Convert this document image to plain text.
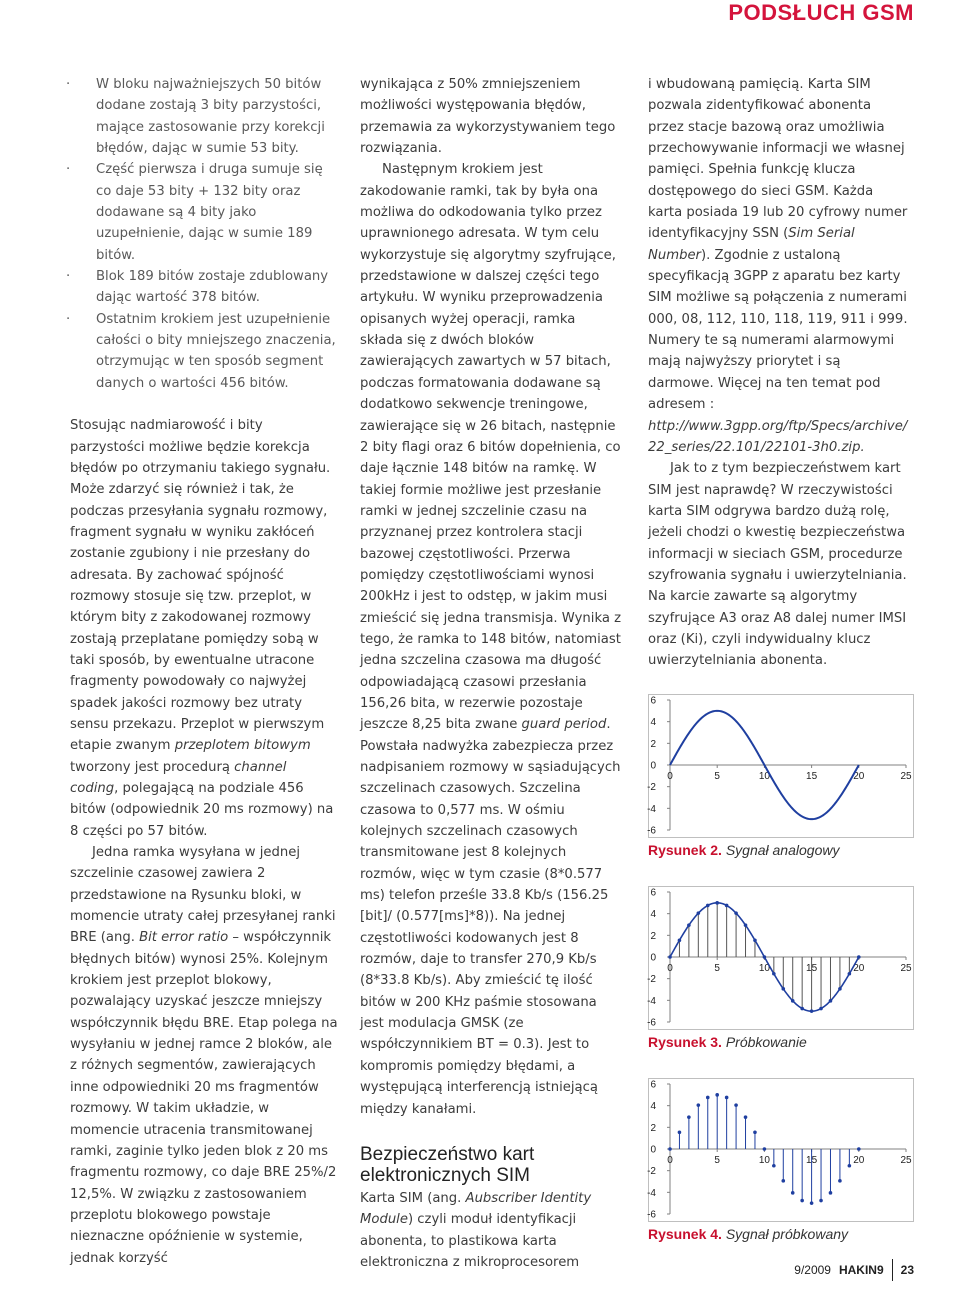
PODSŁUCH GSM
· W bloku najważniejszych 50 bitów dodane zostają 3 bity parzystości, mające zastosowanie przy korekcji błędów, dając w sumie 53 bity.
· Część pierwsza i druga sumuje się co daje 53 bity + 132 bity oraz dodawane są 4 bity jako uzupełnienie, dając w sumie 189 bitów.
· Blok 189 bitów zostaje zdublowany dając wartość 378 bitów.
· Ostatnim krokiem jest uzupełnienie całości o bity mniejszego znaczenia, otrzymując w ten sposób segment danych o wartości 456 bitów.

Stosując nadmiarowość i bity parzystości możliwe będzie korekcja błędów po otrzymaniu takiego sygnału. Może zdarzyć się również i tak, że podczas przesyłania sygnału rozmowy, fragment sygnału w wyniku zakłóceń zostanie zgubiony i nie przesłany do adresata. By zachować spójność rozmowy stosuje się tzw. przeplot, w którym bity z zakodowanej rozmowy zostają przeplatane pomiędzy sobą w taki sposób, by ewentualne utracone fragmenty powodowały co najwyżej spadek jakości rozmowy bez utraty sensu przekazu. Przeplot w pierwszym etapie zwanym przeplotem bitowym tworzony jest procedurą channel coding, polegającą na podziale 456 bitów (odpowiednik 20 ms rozmowy) na 8 części po 57 bitów.

Jedna ramka wysyłana w jednej szczelinie czasowej zawiera 2 przedstawione na Rysunku bloki, w momencie utraty całej przesyłanej ranki BRE (ang. Bit error ratio – współczynnik błędnych bitów) wynosi 25%. Kolejnym krokiem jest przeplot blokowy, pozwalający uzyskać jeszcze mniejszy współczynnik błędu BRE. Etap polega na wysyłaniu w jednej ramce 2 bloków, ale z różnych segmentów, zawierających inne odpowiedniki 20 ms fragmentów rozmowy. W takim układzie, w momencie utracenia transmitowanej ramki, zaginie tylko jeden blok z 20 ms fragmentu rozmowy, co daje BRE 25%/2 12,5%. W związku z zastosowaniem przeplotu blokowego powstaje nieznaczne opóźnienie w systemie, jednak korzyść

wynikająca z 50% zmniejszeniem możliwości występowania błędów, przemawia za wykorzystywaniem tego rozwiązania.

Następnym krokiem jest zakodowanie ramki, tak by była ona możliwa do odkodowania tylko przez uprawnionego adresata. W tym celu wykorzystuje się algorytmy szyfrujące, przedstawione w dalszej części tego artykułu. W wyniku przeprowadzenia opisanych wyżej operacji, ramka składa się z dwóch bloków zawierających zawartych w 57 bitach, podczas formatowania dodawane są dodatkowo sekwencje treningowe, zawierające się w 26 bitach, następnie 2 bity flagi oraz 6 bitów dopełnienia, co daje łącznie 148 bitów na ramkę. W takiej formie możliwe jest przesłanie ramki w jednej szczelinie czasu na przyznanej przez kontrolera stacji bazowej częstotliwości. Przerwa pomiędzy częstotliwościami wynosi 200kHz i jest to odstęp, w jakim musi zmieścić się jedna transmisja. Wynika z tego, że ramka to 148 bitów, natomiast jedna szczelina czasowa ma długość odpowiadającą czasowi przesłania 156,26 bita, w rezerwie pozostaje jeszcze 8,25 bita zwane guard period. Powstała nadwyżka zabezpiecza przez nadpisaniem rozmowy w sąsiadujących szczelinach czasowych. Szczelina czasowa to 0,577 ms. W ośmiu kolejnych szczelinach czasowych transmitowane jest 8 kolejnych rozmów, więc w tym czasie (8*0.577 ms) telefon prześle 33.8 Kb/s (156.25 [bit]/ (0.577[ms]*8)). Na jednej częstotliwości kodowanych jest 8 rozmów, daje to transfer 270,9 Kb/s (8*33.8 Kb/s). Aby zmieścić tę ilość bitów w 200 KHz paśmie stosowana jest modulacja GMSK (ze współczynnikiem BT = 0.3). Jest to kompromis pomiędzy błędami, a występującą interferencją istniejącą między kanałami.

Bezpieczeństwo kart elektronicznych SIM

Karta SIM (ang. Aubscriber Identity Module) czyli moduł identyfikacji abonenta, to plastikowa karta elektroniczna z mikroprocesorem

i wbudowaną pamięcią. Karta SIM pozwala zidentyfikować abonenta przez stacje bazową oraz umożliwia przechowywanie informacji we własnej pamięci. Spełnia funkcję klucza dostępowego do sieci GSM. Każda karta posiada 19 lub 20 cyfrowy numer identyfikacyjny SSN (Sim Serial Number). Zgodnie z ustaloną specyfikacją 3GPP z aparatu bez karty SIM możliwe są połączenia z numerami 000, 08, 112, 110, 118, 119, 911 i 999. Numery te są numerami alarmowymi mają najwyższy priorytet i są darmowe. Więcej na ten temat pod adresem : http://www.3gpp.org/ftp/Specs/archive/ 22_series/22.101/22101-3h0.zip.

Jak to z tym bezpieczeństwem kart SIM jest naprawdę? W rzeczywistości karta SIM odgrywa bardzo dużą rolę, jeżeli chodzi o kwestię bezpieczeństwa informacji w sieciach GSM, procedurze szyfrowania sygnału i uwierzytelniania. Na karcie zawarte są algorytmy szyfrujące A3 oraz A8 dalej numer IMSI oraz (Ki), czyli indywidualny klucz uwierzytelniania abonenta.

6
4
2
0
-2
-4
-6
0	5	10	15	20	25
Rysunek 2. Sygnał analogowy
6
4
2
0
-2
-4
-6
0	5	10	15	20	25
Rysunek 3. Próbkowanie
6
4
2
0
-2
-4
-6
0	5	10	15	20	25
Rysunek 4. Sygnał próbkowany
9/2009 HAKIN9 23
